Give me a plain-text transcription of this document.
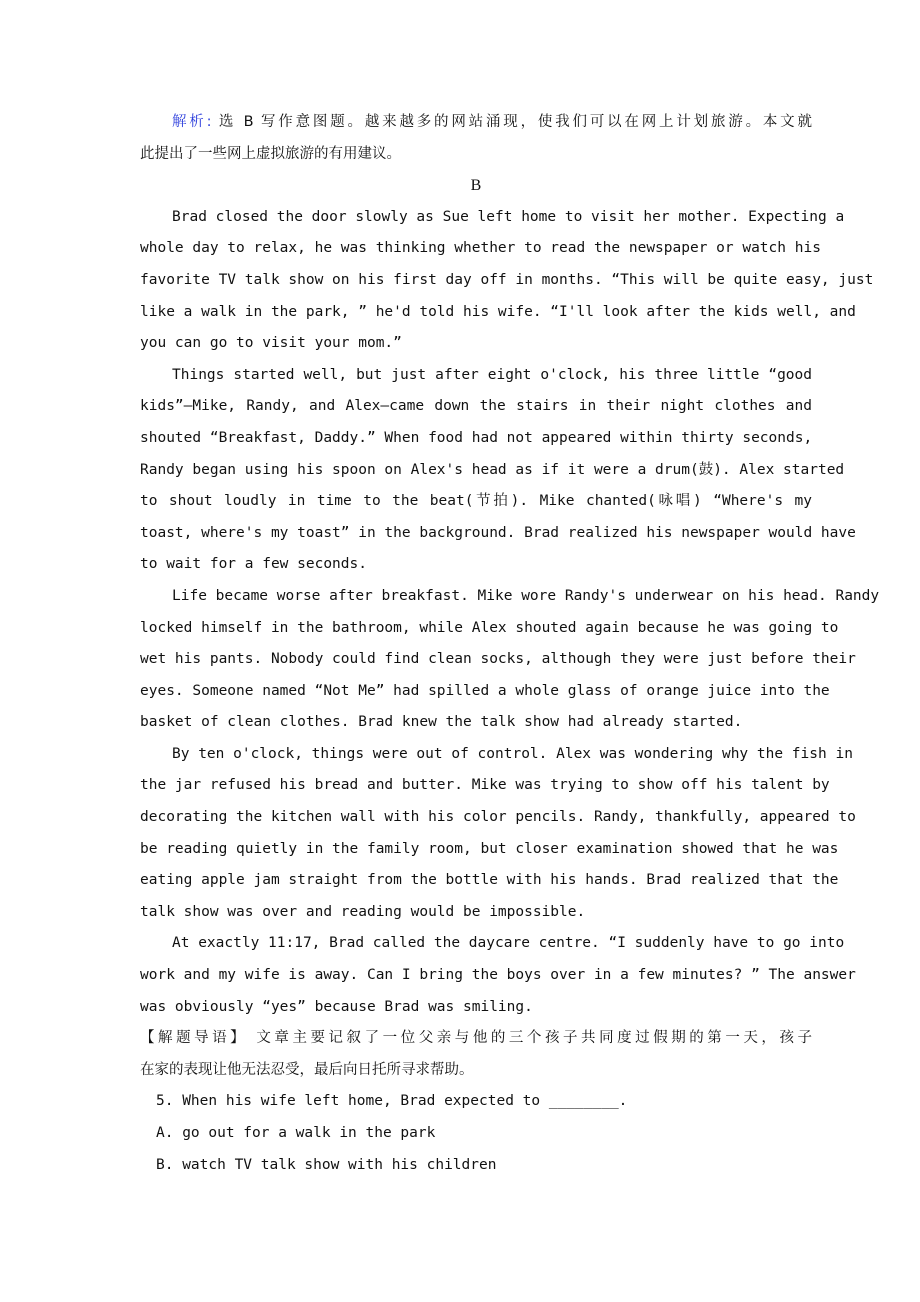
解析: 选 B 写作意图题。越来越多的网站涌现，使我们可以在网上计划旅游。本文就
此提出了一些网上虚拟旅游的有用建议。
B
Brad closed the door slowly as Sue left home to visit her mother. Expecting a
whole day to relax, he was thinking whether to read the newspaper or watch his
favorite TV talk show on his first day off in months. “This will be quite easy, just
like a walk in the park, ” he'd told his wife. “I'll look after the kids well, and
you can go to visit your mom.”
Things started well, but just after eight o'clock, his three little “good
kids”—Mike, Randy, and Alex—came down the stairs in their night clothes and
shouted “Breakfast, Daddy.” When food had not appeared within thirty seconds,
Randy began using his spoon on Alex's head as if it were a drum(鼓). Alex started
to shout loudly in time to the beat(节拍). Mike chanted(咏唱) “Where's my
toast, where's my toast” in the background. Brad realized his newspaper would have
to wait for a few seconds.
Life became worse after breakfast. Mike wore Randy's underwear on his head. Randy
locked himself in the bathroom, while Alex shouted again because he was going to
wet his pants. Nobody could find clean socks, although they were just before their
eyes. Someone named “Not Me” had spilled a whole glass of orange juice into the
basket of clean clothes. Brad knew the talk show had already started.
By ten o'clock, things were out of control. Alex was wondering why the fish in
the jar refused his bread and butter. Mike was trying to show off his talent by
decorating the kitchen wall with his color pencils. Randy, thankfully, appeared to
be reading quietly in the family room, but closer examination showed that he was
eating apple jam straight from the bottle with his hands. Brad realized that the
talk show was over and reading would be impossible.
At exactly 11:17, Brad called the daycare centre. “I suddenly have to go into
work and my wife is away. Can I bring the boys over in a few minutes? ” The answer
was obviously “yes” because Brad was smiling.
【解题导语】 文章主要记叙了一位父亲与他的三个孩子共同度过假期的第一天，孩子
在家的表现让他无法忍受，最后向日托所寻求帮助。
5. When his wife left home, Brad expected to ________.
A. go out for a walk in the park
B. watch TV talk show with his children
